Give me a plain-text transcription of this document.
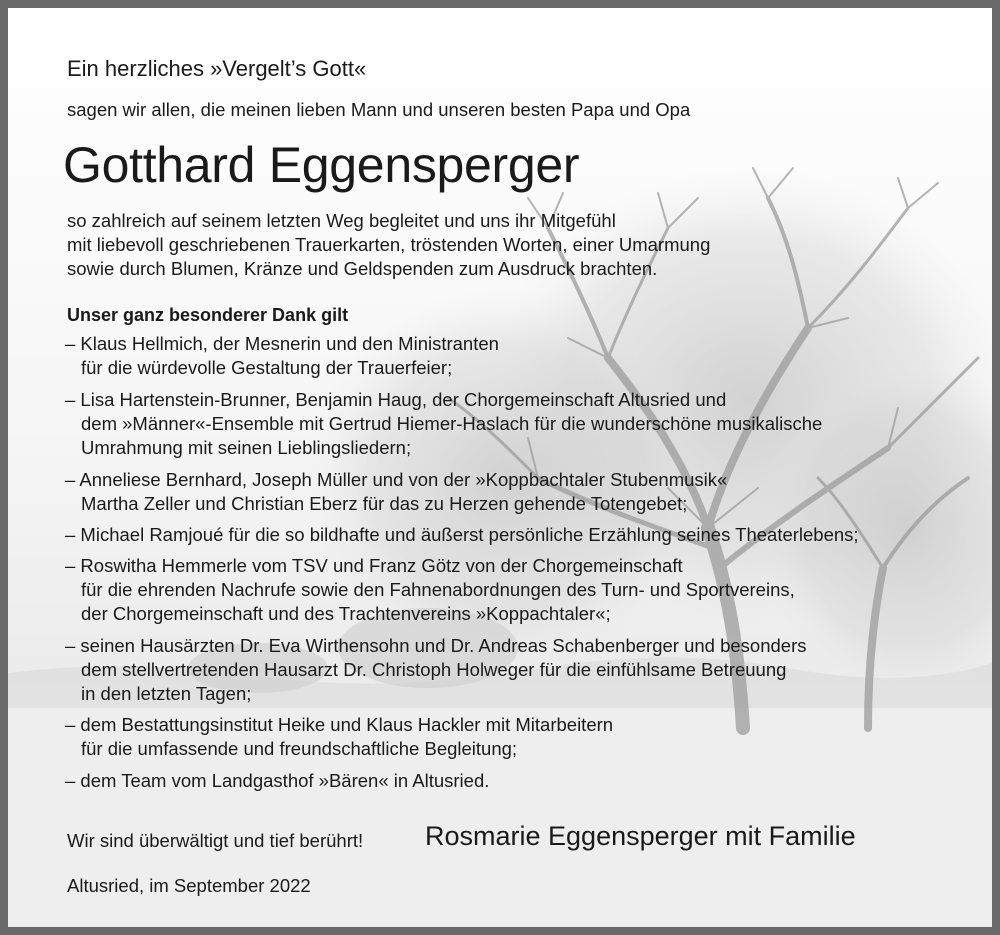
Ein herzliches »Vergelt’s Gott«
sagen wir allen, die meinen lieben Mann und unseren besten Papa und Opa
Gotthard Eggensperger
so zahlreich auf seinem letzten Weg begleitet und uns ihr Mitgefühl
mit liebevoll geschriebenen Trauerkarten, tröstenden Worten, einer Umarmung
sowie durch Blumen, Kränze und Geldspenden zum Ausdruck brachten.
Unser ganz besonderer Dank gilt
– Klaus Hellmich, der Mesnerin und den Ministranten
für die würdevolle Gestaltung der Trauerfeier;
– Lisa Hartenstein-Brunner, Benjamin Haug, der Chorgemeinschaft Altusried und
dem »Männer«-Ensemble mit Gertrud Hiemer-Haslach für die wunderschöne musikalische
Umrahmung mit seinen Lieblingsliedern;
– Anneliese Bernhard, Joseph Müller und von der »Koppbachtaler Stubenmusik«
Martha Zeller und Christian Eberz für das zu Herzen gehende Totengebet;
– Michael Ramjoué für die so bildhafte und äußerst persönliche Erzählung seines Theaterlebens;
– Roswitha Hemmerle vom TSV und Franz Götz von der Chorgemeinschaft
für die ehrenden Nachrufe sowie den Fahnenabordnungen des Turn- und Sportvereins,
der Chorgemeinschaft und des Trachtenvereins »Koppachtaler«;
– seinen Hausärzten Dr. Eva Wirthensohn und Dr. Andreas Schabenberger und besonders
dem stellvertretenden Hausarzt Dr. Christoph Holweger für die einfühlsame Betreuung
in den letzten Tagen;
– dem Bestattungsinstitut Heike und Klaus Hackler mit Mitarbeitern
für die umfassende und freundschaftliche Begleitung;
– dem Team vom Landgasthof »Bären« in Altusried.
Wir sind überwältigt und tief berührt! Rosmarie Eggensperger mit Familie
Altusried, im September 2022
